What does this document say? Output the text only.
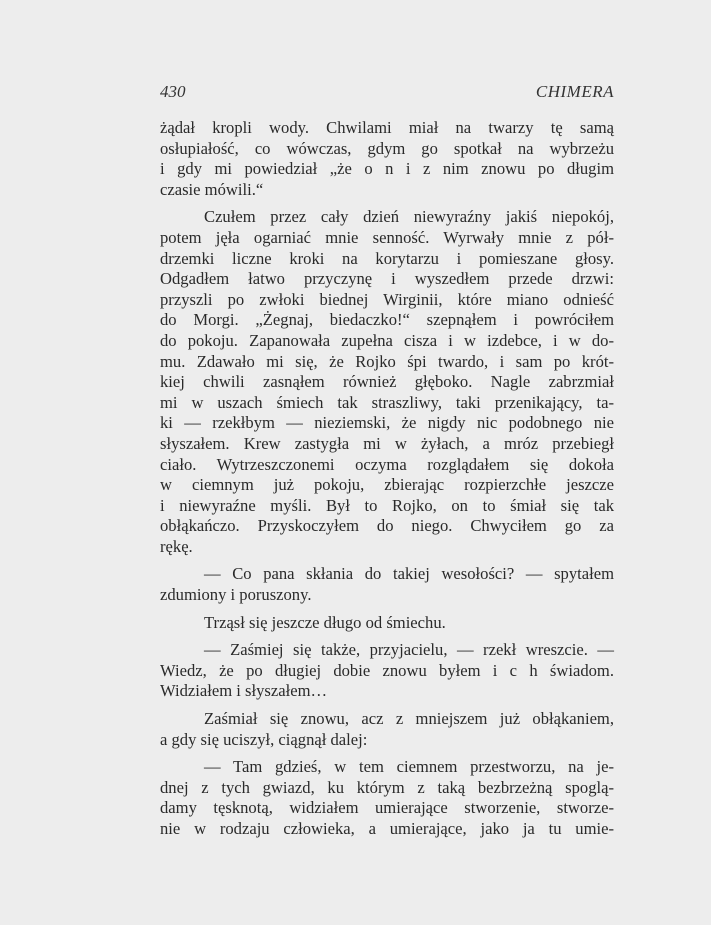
430	CHIMERA
żądał kropli wody. Chwilami miał na twarzy tę samą
osłupiałość, co wówczas, gdym go spotkał na wybrzeżu
i gdy mi powiedział „że o n i z nim znowu po długim
czasie mówili.“
Czułem przez cały dzień niewyraźny jakiś niepokój,
potem jęła ogarniać mnie senność. Wyrwały mnie z pół-
drzemki liczne kroki na korytarzu i pomieszane głosy.
Odgadłem łatwo przyczynę i wyszedłem przede drzwi:
przyszli po zwłoki biednej Wirginii, które miano odnieść
do Morgi. „Żegnaj, biedaczko!“ szepnąłem i powróciłem
do pokoju. Zapanowała zupełna cisza i w izdebce, i w do-
mu. Zdawało mi się, że Rojko śpi twardo, i sam po krót-
kiej chwili zasnąłem również głęboko. Nagle zabrzmiał
mi w uszach śmiech tak straszliwy, taki przenikający, ta-
ki — rzekłbym — nieziemski, że nigdy nic podobnego nie
słyszałem. Krew zastygła mi w żyłach, a mróz przebiegł
ciało. Wytrzeszczonemi oczyma rozglądałem się dokoła
w ciemnym już pokoju, zbierając rozpierzchłe jeszcze
i niewyraźne myśli. Był to Rojko, on to śmiał się tak
obłąkańczo. Przyskoczyłem do niego. Chwyciłem go za
rękę.
— Co pana skłania do takiej wesołości? — spytałem
zdumiony i poruszony.
Trząsł się jeszcze długo od śmiechu.
— Zaśmiej się także, przyjacielu, — rzekł wreszcie. —
Wiedz, że po długiej dobie znowu byłem i c h świadom.
Widziałem i słyszałem…
Zaśmiał się znowu, acz z mniejszem już obłąkaniem,
a gdy się uciszył, ciągnął dalej:
— Tam gdzieś, w tem ciemnem przestworzu, na je-
dnej z tych gwiazd, ku którym z taką bezbrzeżną spoglą-
damy tęsknotą, widziałem umierające stworzenie, stworze-
nie w rodzaju człowieka, a umierające, jako ja tu umie-
